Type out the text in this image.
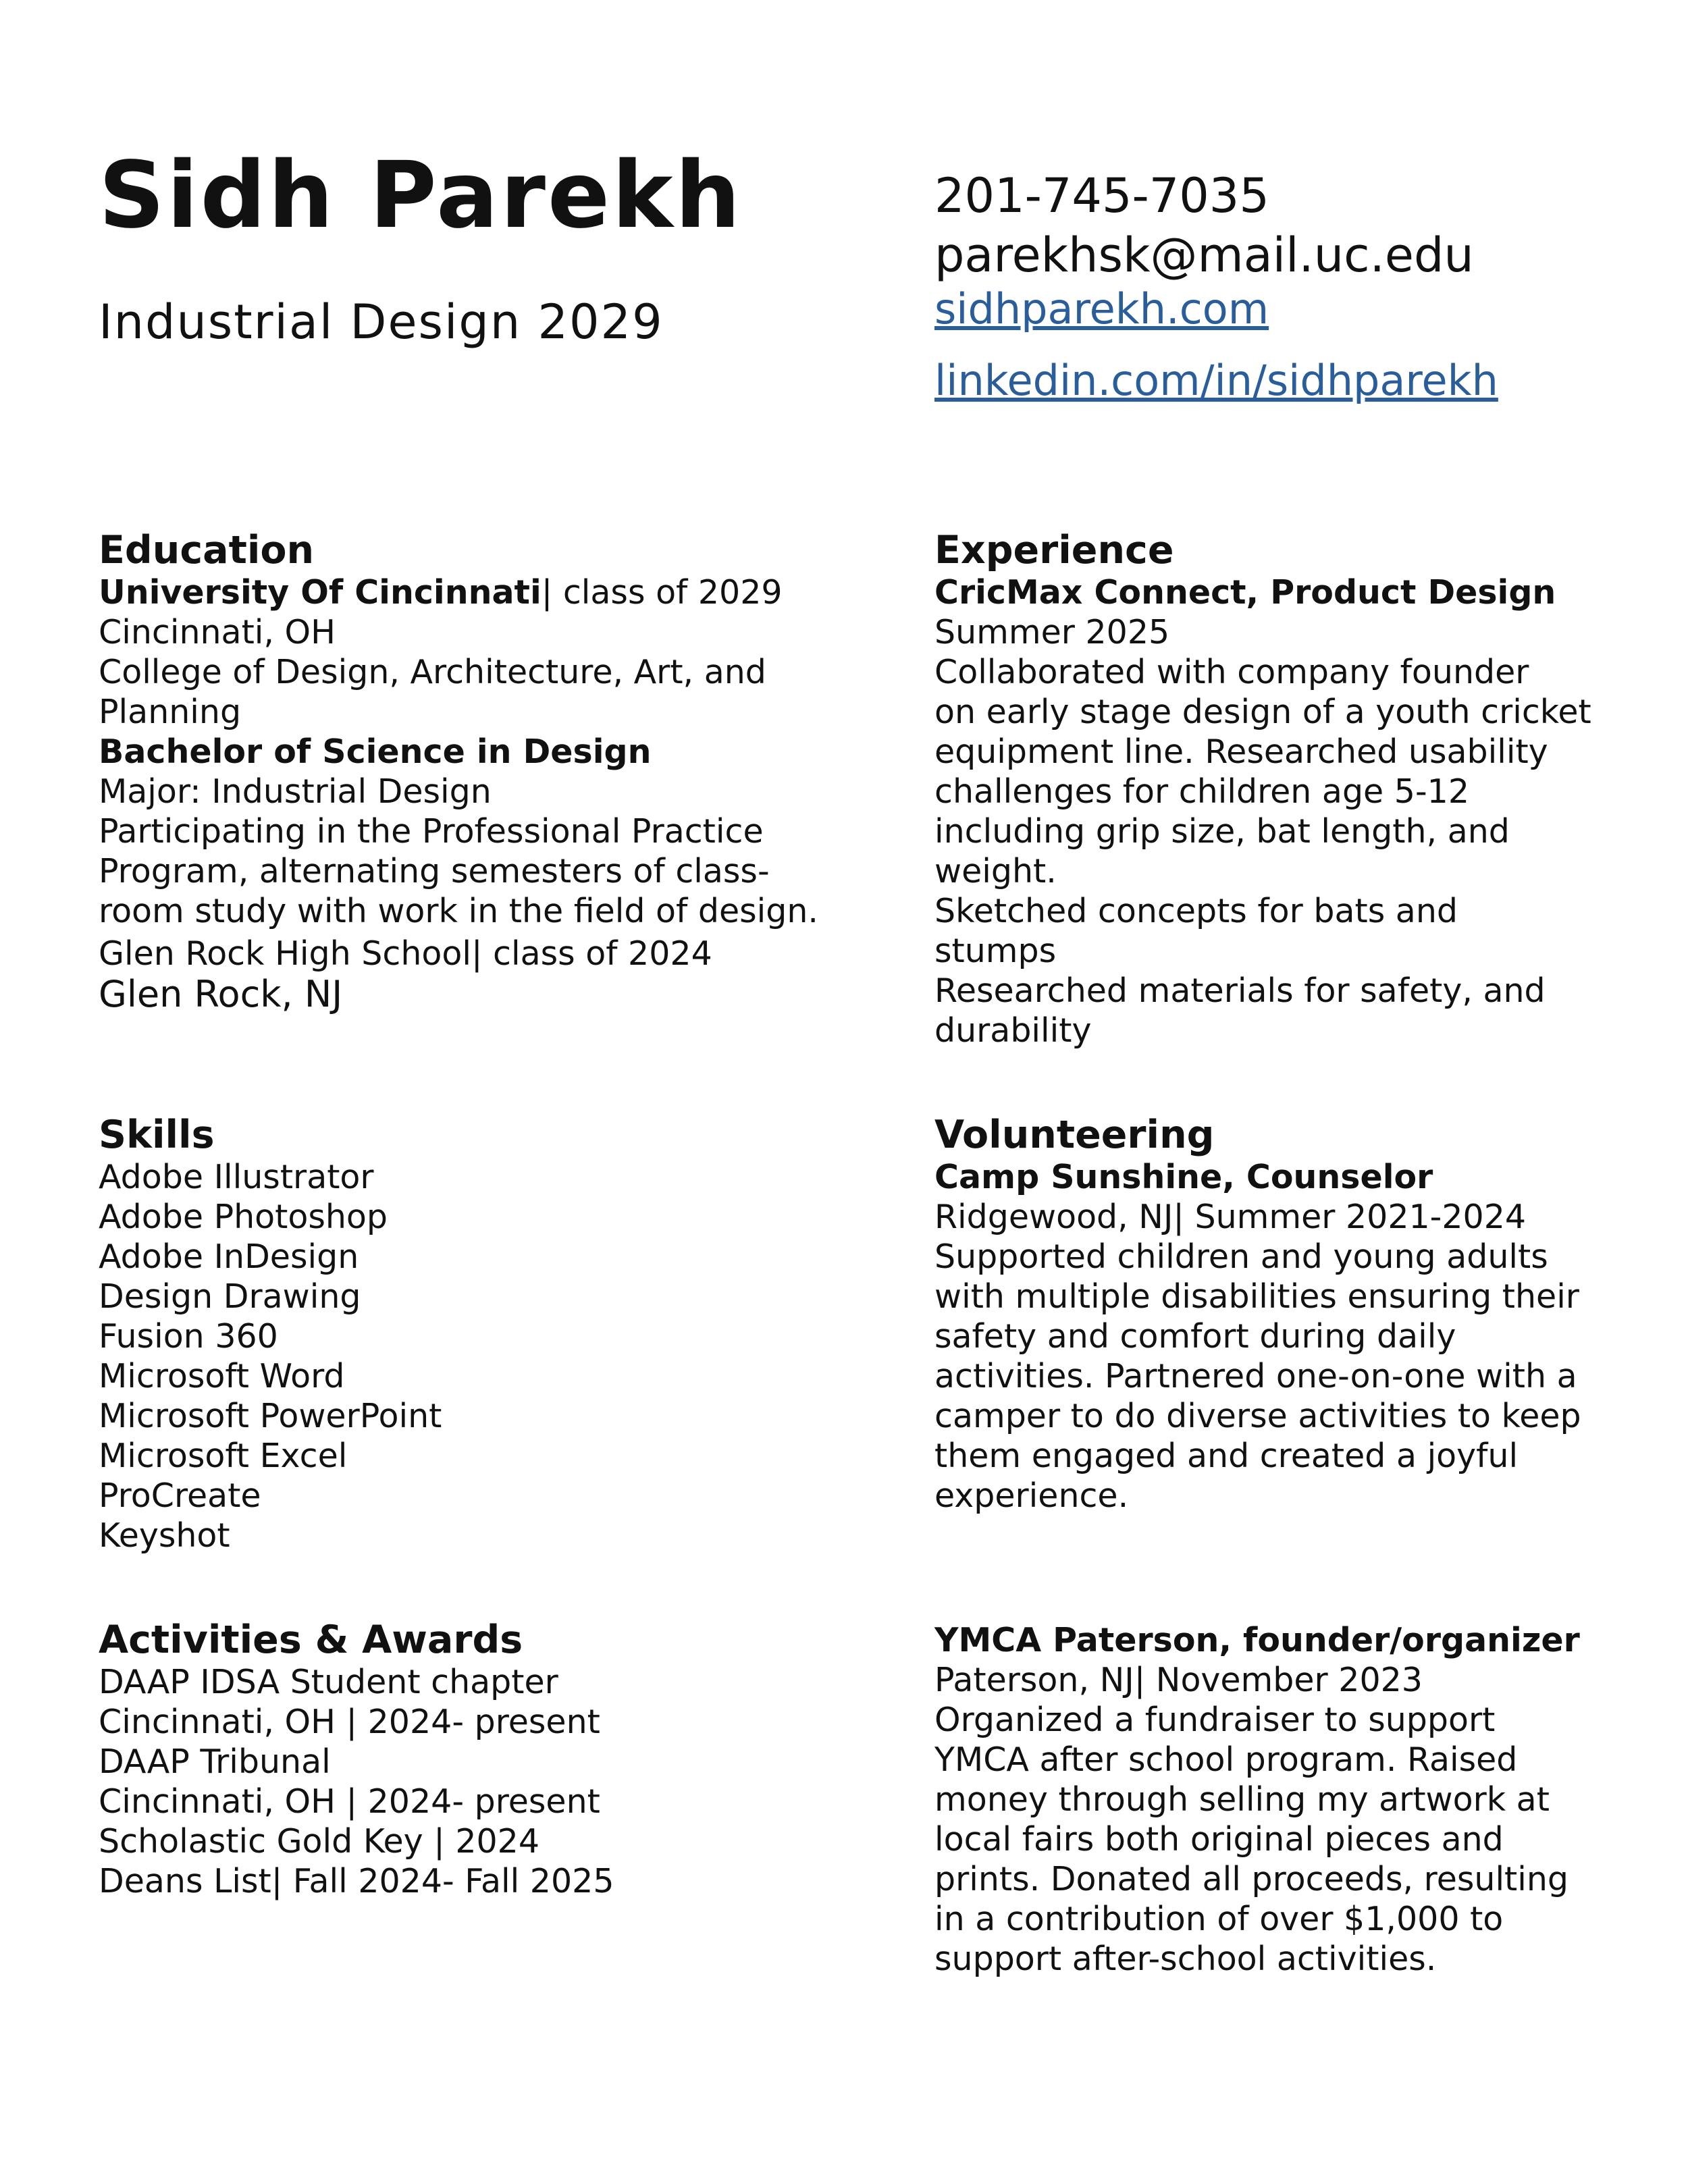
Sidh Parekh
Industrial Design 2029
201-745-7035
parekhsk@mail.uc.edu
sidhparekh.com
linkedin.com/in/sidhparekh
Education
University Of Cincinnati| class of 2029
Cincinnati, OH
College of Design, Architecture, Art, and
Planning
Bachelor of Science in Design
Major: Industrial Design
Participating in the Professional Practice
Program, alternating semesters of class-
room study with work in the field of design.
Glen Rock High School| class of 2024
Glen Rock, NJ
Skills
Adobe Illustrator
Adobe Photoshop
Adobe InDesign
Design Drawing
Fusion 360
Microsoft Word
Microsoft PowerPoint
Microsoft Excel
ProCreate
Keyshot
Activities & Awards
DAAP IDSA Student chapter
Cincinnati, OH | 2024- present
DAAP Tribunal
Cincinnati, OH | 2024- present
Scholastic Gold Key | 2024
Deans List| Fall 2024- Fall 2025
Experience
CricMax Connect, Product Design
Summer 2025
Collaborated with company founder
on early stage design of a youth cricket
equipment line. Researched usability
challenges for children age 5-12
including grip size, bat length, and
weight.
Sketched concepts for bats and
stumps
Researched materials for safety, and
durability
Volunteering
Camp Sunshine, Counselor
Ridgewood, NJ| Summer 2021-2024
Supported children and young adults
with multiple disabilities ensuring their
safety and comfort during daily
activities. Partnered one-on-one with a
camper to do diverse activities to keep
them engaged and created a joyful
experience.
YMCA Paterson, founder/organizer
Paterson, NJ| November 2023
Organized a fundraiser to support
YMCA after school program. Raised
money through selling my artwork at
local fairs both original pieces and
prints. Donated all proceeds, resulting
in a contribution of over $1,000 to
support after-school activities.
